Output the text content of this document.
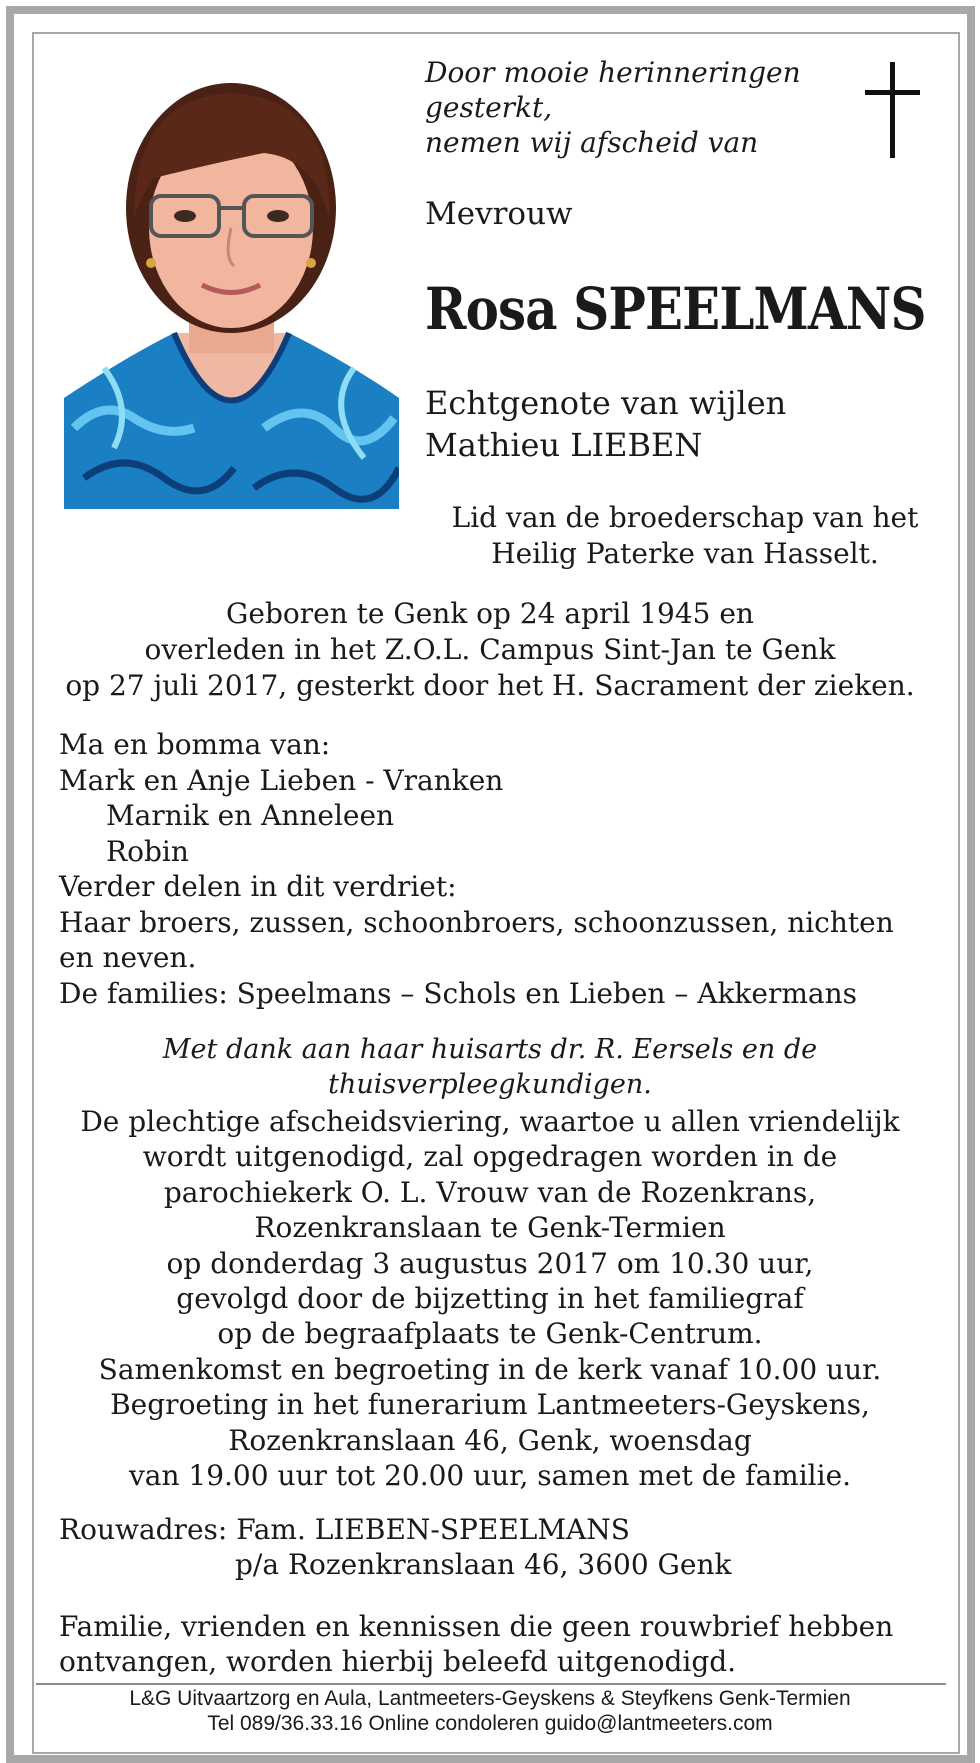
Door mooie herinneringen
gesterkt,
nemen wij afscheid van

Mevrouw

Rosa SPEELMANS

Echtgenote van wijlen
Mathieu LIEBEN

Lid van de broederschap van het
Heilig Paterke van Hasselt.

Geboren te Genk op 24 april 1945 en
overleden in het Z.O.L. Campus Sint-Jan te Genk
op 27 juli 2017, gesterkt door het H. Sacrament der zieken.

Ma en bomma van:
Mark en Anje Lieben - Vranken
Marnik en Anneleen
Robin
Verder delen in dit verdriet:
Haar broers, zussen, schoonbroers, schoonzussen, nichten
en neven.
De families: Speelmans – Schols en Lieben – Akkermans

Met dank aan haar huisarts dr. R. Eersels en de
thuisverpleegkundigen.

De plechtige afscheidsviering, waartoe u allen vriendelijk
wordt uitgenodigd, zal opgedragen worden in de
parochiekerk O. L. Vrouw van de Rozenkrans,
Rozenkranslaan te Genk-Termien
op donderdag 3 augustus 2017 om 10.30 uur,
gevolgd door de bijzetting in het familiegraf
op de begraafplaats te Genk-Centrum.
Samenkomst en begroeting in de kerk vanaf 10.00 uur.
Begroeting in het funerarium Lantmeeters-Geyskens,
Rozenkranslaan 46, Genk, woensdag
van 19.00 uur tot 20.00 uur, samen met de familie.

Rouwadres: Fam. LIEBEN-SPEELMANS
p/a Rozenkranslaan 46, 3600 Genk

Familie, vrienden en kennissen die geen rouwbrief hebben
ontvangen, worden hierbij beleefd uitgenodigd.

L&G Uitvaartzorg en Aula, Lantmeeters-Geyskens & Steyfkens Genk-Termien
Tel 089/36.33.16 Online condoleren guido@lantmeeters.com
